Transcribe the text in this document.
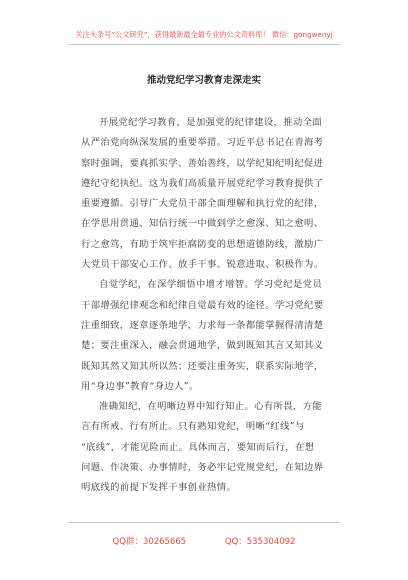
关注头条号“公文研究”，获得最新最全最专业的公文资料库！ 微信：gongwenyj
推动党纪学习教育走深走实
开展党纪学习教育，是加强党的纪律建设，推动全面
从严治党向纵深发展的重要举措。习近平总书记在青海考
察时强调，要真抓实学、善始善终，以学纪知纪明纪促进
遵纪守纪执纪。这为我们高质量开展党纪学习教育提供了
重要遵循。引导广大党员干部全面理解和执行党的纪律，
在学思用贯通、知信行统一中做到学之愈深、知之愈明、
行之愈笃，有助于筑牢拒腐防变的思想道德防线，激励广
大党员干部安心工作、放手干事、锐意进取、积极作为。
自觉学纪，在深学细悟中增才增智。学习党纪是党员
干部增强纪律观念和纪律自觉最有效的途径。学习党纪要
注重细致，逐章逐条地学，力求每一条都能掌握得清清楚
楚；要注重深入，融会贯通地学，做到既知其言又知其义
既知其然又知其所以然；还要注重务实，联系实际地学，
用“身边事”教育“身边人”。
准确知纪，在明晰边界中知行知止。心有所畏，方能
言有所戒、行有所止。只有熟知党纪，明晰“红线”与
“底线”，才能见险而止。具体而言，要知而后行，在想
问题、作决策、办事情时，务必牢记党规党纪，在知边界
明底线的前提下发挥干事创业热情。
QQ群：30265665	QQ：535304092
